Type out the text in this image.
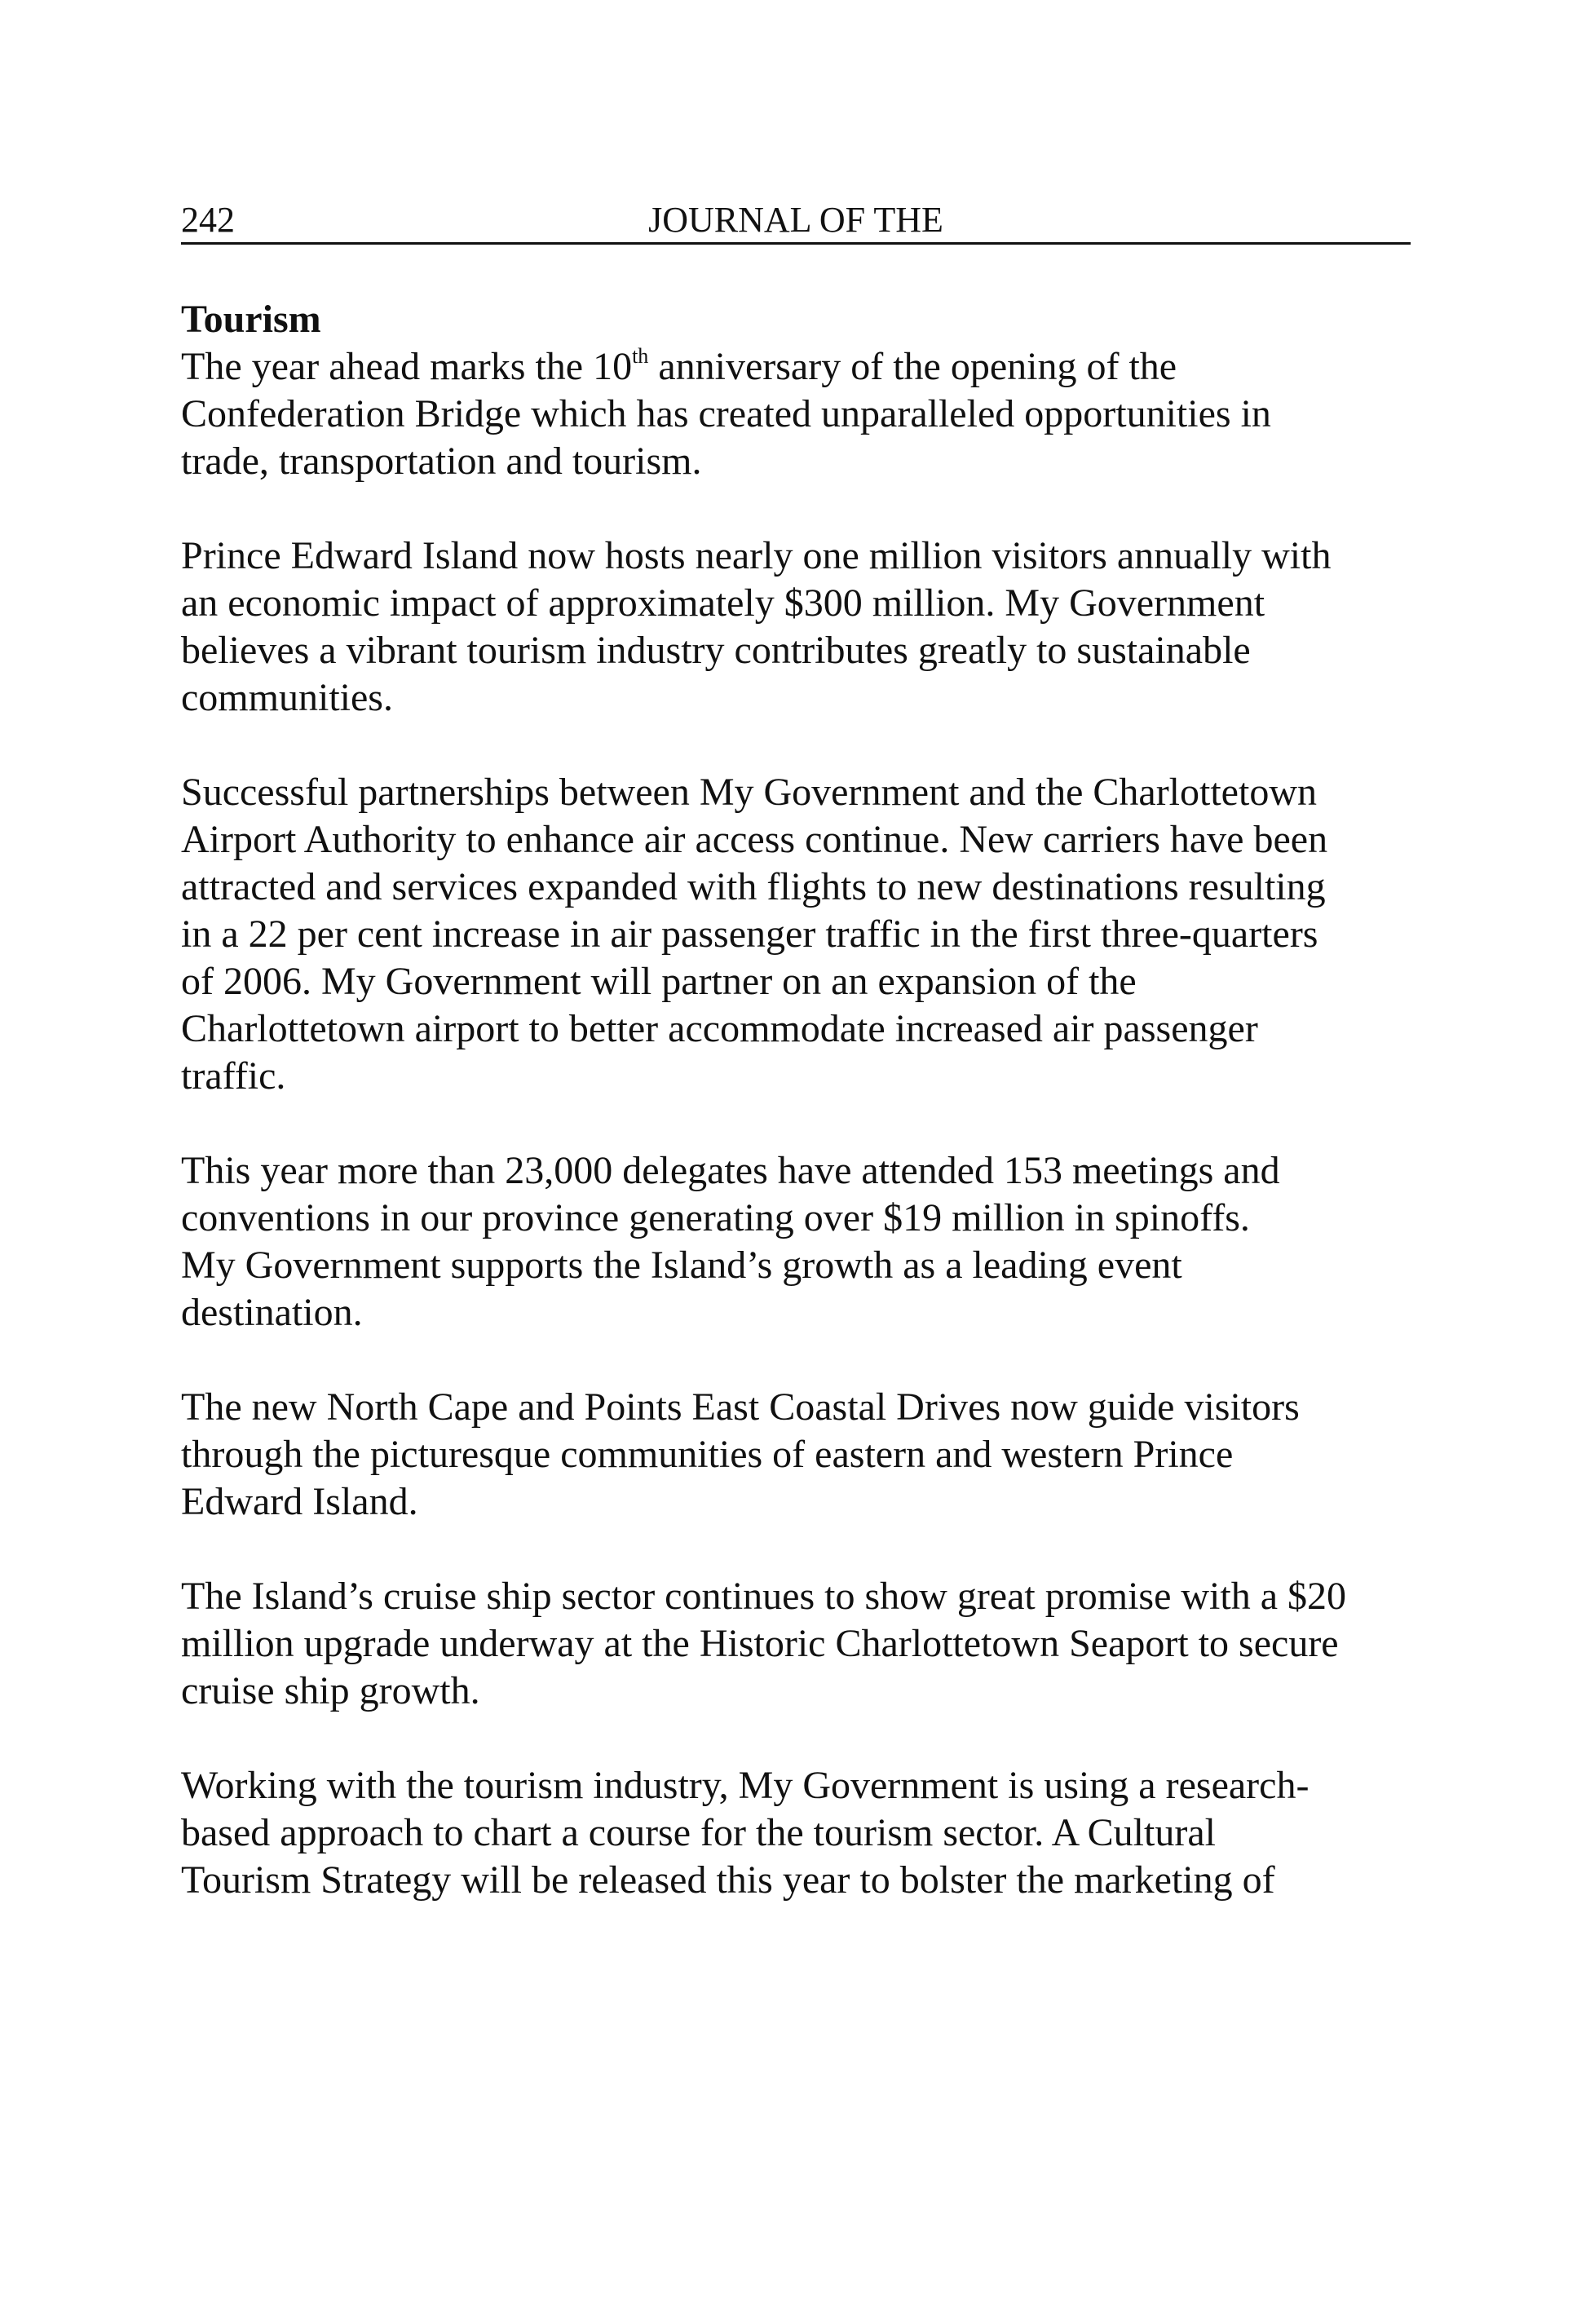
242	JOURNAL OF THE
Tourism

The year ahead marks the 10th anniversary of the opening of the
Confederation Bridge which has created unparalleled opportunities in
trade, transportation and tourism.

Prince Edward Island now hosts nearly one million visitors annually with
an economic impact of approximately $300 million. My Government
believes a vibrant tourism industry contributes greatly to sustainable
communities.

Successful partnerships between My Government and the Charlottetown
Airport Authority to enhance air access continue. New carriers have been
attracted and services expanded with flights to new destinations resulting
in a 22 per cent increase in air passenger traffic in the first three-quarters
of 2006. My Government will partner on an expansion of the
Charlottetown airport to better accommodate increased air passenger
traffic.

This year more than 23,000 delegates have attended 153 meetings and
conventions in our province generating over $19 million in spinoffs.
My Government supports the Island’s growth as a leading event
destination.

The new North Cape and Points East Coastal Drives now guide visitors
through the picturesque communities of eastern and western Prince
Edward Island.

The Island’s cruise ship sector continues to show great promise with a $20
million upgrade underway at the Historic Charlottetown Seaport to secure
cruise ship growth.

Working with the tourism industry, My Government is using a research-
based approach to chart a course for the tourism sector. A Cultural
Tourism Strategy will be released this year to bolster the marketing of
